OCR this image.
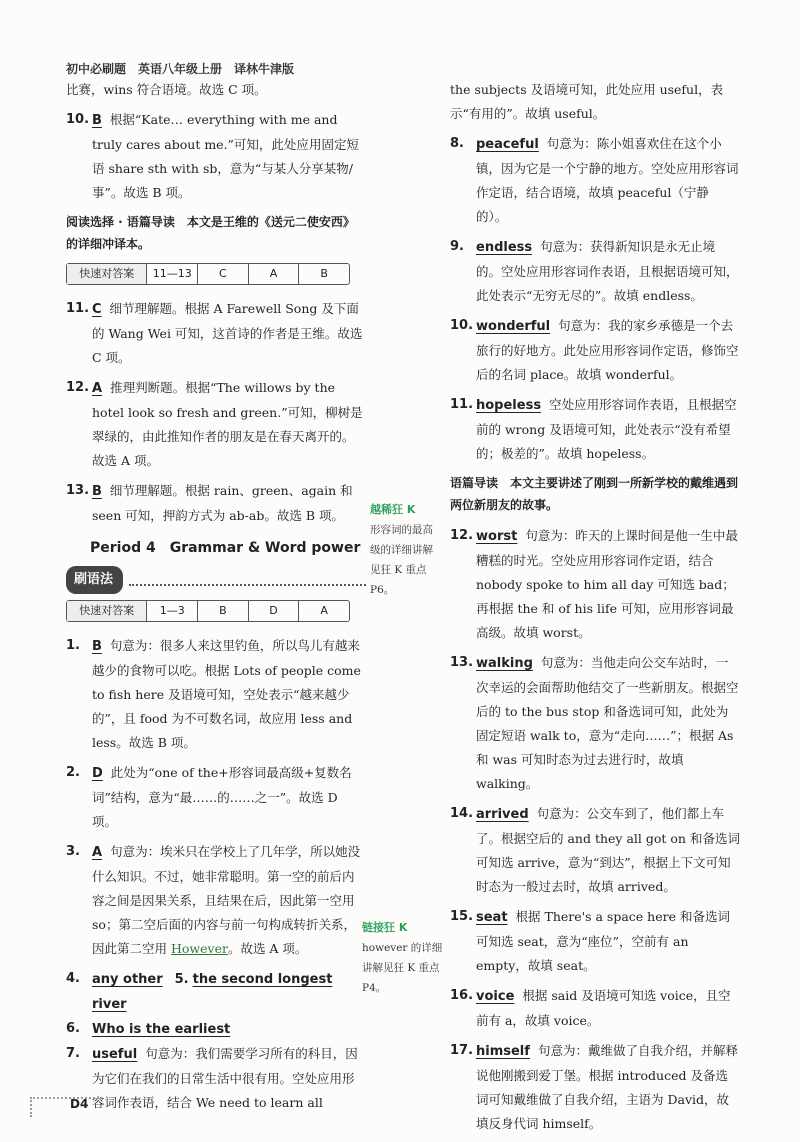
初中必刷题　英语八年级上册　译林牛津版
比赛，wins 符合语境。故选 C 项。
10. B 根据“Kate… everything with me and truly cares about me.”可知，此处应用固定短语 share sth with sb，意为“与某人分享某物/事”。故选 B 项。
阅读选择 · 语篇导读　本文是王维的《送元二使安西》的详细冲译本。
快速对答案	11—13	C	A	B
11. C 细节理解题。根据 A Farewell Song 及下面的 Wang Wei 可知，这首诗的作者是王维。故选 C 项。
12. A 推理判断题。根据“The willows by the hotel look so fresh and green.”可知，柳树是翠绿的，由此推知作者的朋友是在春天离开的。故选 A 项。
13. B 细节理解题。根据 rain、green、again 和 seen 可知，押韵方式为 ab-ab。故选 B 项。
Period 4　Grammar & Word power
刷语法
快速对答案	1—3	B	D	A
1. B 句意为：很多人来这里钓鱼，所以鸟儿有越来越少的食物可以吃。根据 Lots of people come to fish here 及语境可知，空处表示“越来越少的”，且 food 为不可数名词，故应用 less and less。故选 B 项。
2. D 此处为“one of the+形容词最高级+复数名词”结构，意为“最……的……之一”。故选 D 项。
3. A 句意为：埃米只在学校上了几年学，所以她没什么知识。不过，她非常聪明。第一空的前后内容之间是因果关系，且结果在后，因此第一空用 so；第二空后面的内容与前一句构成转折关系，因此第二空用 However。故选 A 项。
4. any other 5. the second longest river
6. Who is the earliest
7. useful 句意为：我们需要学习所有的科目，因为它们在我们的日常生活中很有用。空处应用形容词作表语，结合 We need to learn all
越稀狂 K
形容词的最高级的详细讲解见狂 K 重点 P6。
链接狂 K
however 的详细讲解见狂 K 重点 P4。
the subjects 及语境可知，此处应用 useful，表示“有用的”。故填 useful。
8. peaceful 句意为：陈小姐喜欢住在这个小镇，因为它是一个宁静的地方。空处应用形容词作定语，结合语境，故填 peaceful（宁静的）。
9. endless 句意为：获得新知识是永无止境的。空处应用形容词作表语，且根据语境可知，此处表示“无穷无尽的”。故填 endless。
10. wonderful 句意为：我的家乡承德是一个去旅行的好地方。此处应用形容词作定语，修饰空后的名词 place。故填 wonderful。
11. hopeless 空处应用形容词作表语，且根据空前的 wrong 及语境可知，此处表示“没有希望的；极差的”。故填 hopeless。
语篇导读　本文主要讲述了刚到一所新学校的戴维遇到两位新朋友的故事。
12. worst 句意为：昨天的上课时间是他一生中最糟糕的时光。空处应用形容词作定语，结合 nobody spoke to him all day 可知选 bad；再根据 the 和 of his life 可知，应用形容词最高级。故填 worst。
13. walking 句意为：当他走向公交车站时，一次幸运的会面帮助他结交了一些新朋友。根据空后的 to the bus stop 和备选词可知，此处为固定短语 walk to，意为“走向……”；根据 As 和 was 可知时态为过去进行时，故填 walking。
14. arrived 句意为：公交车到了，他们都上车了。根据空后的 and they all got on 和备选词可知选 arrive，意为“到达”，根据上下文可知时态为一般过去时，故填 arrived。
15. seat 根据 There's a space here 和备选词可知选 seat，意为“座位”，空前有 an empty，故填 seat。
16. voice 根据 said 及语境可知选 voice，且空前有 a，故填 voice。
17. himself 句意为：戴维做了自我介绍，并解释说他刚搬到爱丁堡。根据 introduced 及备选词可知戴维做了自我介绍，主语为 David，故填反身代词 himself。
D4
